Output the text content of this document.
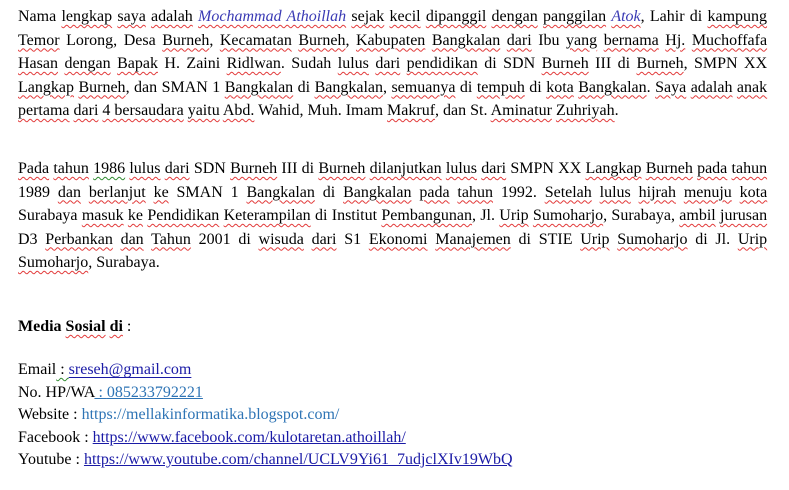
Nama lengkap saya adalah Mochammad Athoillah sejak kecil dipanggil dengan panggilan Atok, Lahir di kampung Temor Lorong, Desa Burneh, Kecamatan Burneh, Kabupaten Bangkalan dari Ibu yang bernama Hj. Muchoffafa Hasan dengan Bapak H. Zaini Ridlwan. Sudah lulus dari pendidikan di SDN Burneh III di Burneh, SMPN XX Langkap Burneh, dan SMAN 1 Bangkalan di Bangkalan, semuanya di tempuh di kota Bangkalan. Saya adalah anak pertama dari 4 bersaudara yaitu Abd. Wahid, Muh. Imam Makruf, dan St. Aminatur Zuhriyah.

Pada tahun 1986 lulus dari SDN Burneh III di Burneh dilanjutkan lulus dari SMPN XX Langkap Burneh pada tahun 1989 dan berlanjut ke SMAN 1 Bangkalan di Bangkalan pada tahun 1992. Setelah lulus hijrah menuju kota Surabaya masuk ke Pendidikan Keterampilan di Institut Pembangunan, Jl. Urip Sumoharjo, Surabaya, ambil jurusan D3 Perbankan dan Tahun 2001 di wisuda dari S1 Ekonomi Manajemen di STIE Urip Sumoharjo di Jl. Urip Sumoharjo, Surabaya.

Media Sosial di :

Email : sreseh@gmail.com
No. HP/WA : 085233792221
Website : https://mellakinformatika.blogspot.com/
Facebook : https://www.facebook.com/kulotaretan.athoillah/
Youtube : https://www.youtube.com/channel/UCLV9Yi61_7udjclXIv19WbQ
